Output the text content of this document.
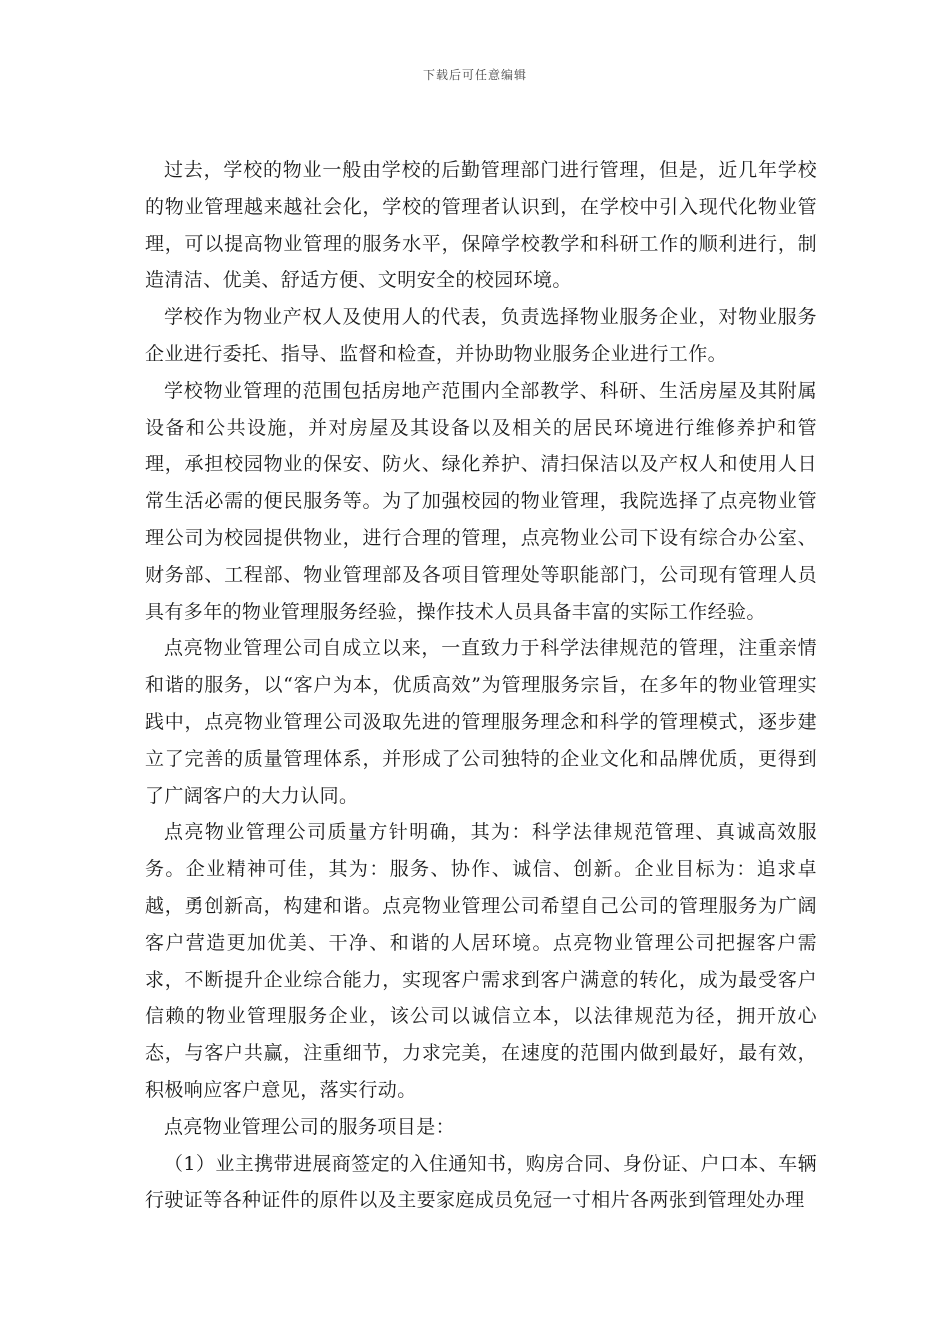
下载后可任意编辑

过去，学校的物业一般由学校的后勤管理部门进行管理，但是，近几年学校的物业管理越来越社会化，学校的管理者认识到，在学校中引入现代化物业管理，可以提高物业管理的服务水平，保障学校教学和科研工作的顺利进行，制造清洁、优美、舒适方便、文明安全的校园环境。

学校作为物业产权人及使用人的代表，负责选择物业服务企业，对物业服务企业进行委托、指导、监督和检查，并协助物业服务企业进行工作。

学校物业管理的范围包括房地产范围内全部教学、科研、生活房屋及其附属设备和公共设施，并对房屋及其设备以及相关的居民环境进行维修养护和管理，承担校园物业的保安、防火、绿化养护、清扫保洁以及产权人和使用人日常生活必需的便民服务等。为了加强校园的物业管理，我院选择了点亮物业管理公司为校园提供物业，进行合理的管理，点亮物业公司下设有综合办公室、财务部、工程部、物业管理部及各项目管理处等职能部门，公司现有管理人员具有多年的物业管理服务经验，操作技术人员具备丰富的实际工作经验。

点亮物业管理公司自成立以来，一直致力于科学法律规范的管理，注重亲情和谐的服务，以“客户为本，优质高效”为管理服务宗旨，在多年的物业管理实践中，点亮物业管理公司汲取先进的管理服务理念和科学的管理模式，逐步建立了完善的质量管理体系，并形成了公司独特的企业文化和品牌优质，更得到了广阔客户的大力认同。

点亮物业管理公司质量方针明确，其为：科学法律规范管理、真诚高效服务。企业精神可佳，其为：服务、协作、诚信、创新。企业目标为：追求卓越，勇创新高，构建和谐。点亮物业管理公司希望自己公司的管理服务为广阔客户营造更加优美、干净、和谐的人居环境。点亮物业管理公司把握客户需求，不断提升企业综合能力，实现客户需求到客户满意的转化，成为最受客户信赖的物业管理服务企业，该公司以诚信立本，以法律规范为径，拥开放心态，与客户共赢，注重细节，力求完美，在速度的范围内做到最好，最有效，积极响应客户意见，落实行动。

点亮物业管理公司的服务项目是：

（1）业主携带进展商签定的入住通知书，购房合同、身份证、户口本、车辆行驶证等各种证件的原件以及主要家庭成员免冠一寸相片各两张到管理处办理
